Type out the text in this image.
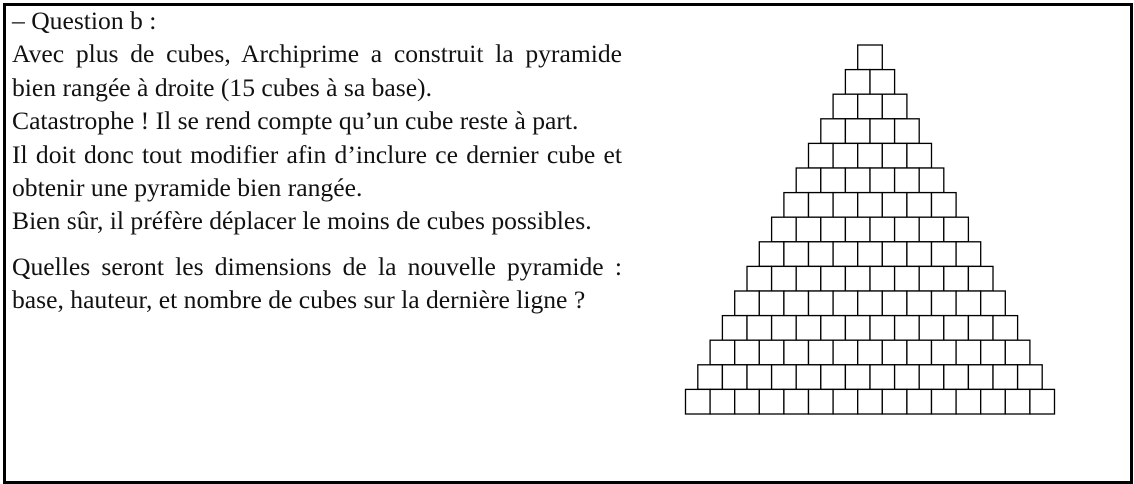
– Question b :

Avec plus de cubes, Archiprime a construit la pyramide bien rangée à droite (15 cubes à sa base).

Catastrophe ! Il se rend compte qu’un cube reste à part.

Il doit donc tout modifier afin d’inclure ce dernier cube et obtenir une pyramide bien rangée.

Bien sûr, il préfère déplacer le moins de cubes possibles.

Quelles seront les dimensions de la nouvelle pyramide : base, hauteur, et nombre de cubes sur la dernière ligne ?
